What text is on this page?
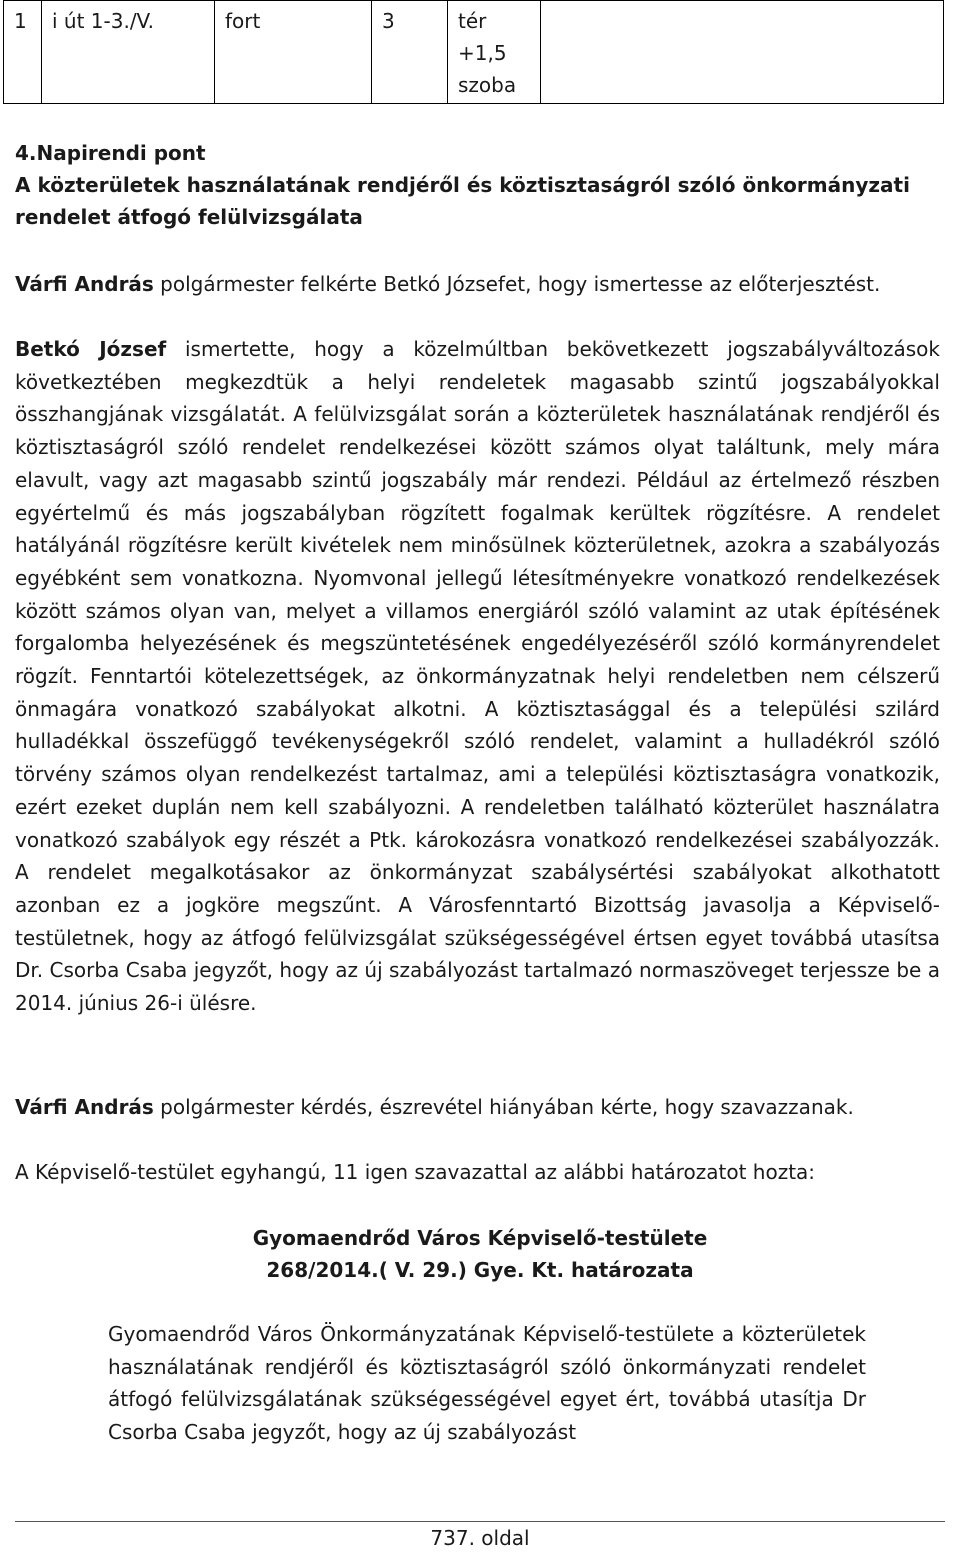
1	i út 1-3./V.	fort	3	tér +1,5 szoba	
4.Napirendi pont
A közterületek használatának rendjéről és köztisztaságról szóló önkormányzati rendelet átfogó felülvizsgálata
Várfi András polgármester felkérte Betkó Józsefet, hogy ismertesse az előterjesztést.
Betkó József ismertette, hogy a közelmúltban bekövetkezett jogszabályváltozások következtében megkezdtük a helyi rendeletek magasabb szintű jogszabályokkal összhangjának vizsgálatát. A felülvizsgálat során a közterületek használatának rendjéről és köztisztaságról szóló rendelet rendelkezései között számos olyat találtunk, mely mára elavult, vagy azt magasabb szintű jogszabály már rendezi. Például az értelmező részben egyértelmű és más jogszabályban rögzített fogalmak kerültek rögzítésre. A rendelet hatályánál rögzítésre került kivételek nem minősülnek közterületnek, azokra a szabályozás egyébként sem vonatkozna. Nyomvonal jellegű létesítményekre vonatkozó rendelkezések között számos olyan van, melyet a villamos energiáról szóló valamint az utak építésének forgalomba helyezésének és megszüntetésének engedélyezéséről szóló kormányrendelet rögzít. Fenntartói kötelezettségek, az önkormányzatnak helyi rendeletben nem célszerű önmagára vonatkozó szabályokat alkotni. A köztisztasággal és a települési szilárd hulladékkal összefüggő tevékenységekről szóló rendelet, valamint a hulladékról szóló törvény számos olyan rendelkezést tartalmaz, ami a települési köztisztaságra vonatkozik, ezért ezeket duplán nem kell szabályozni. A rendeletben található közterület használatra vonatkozó szabályok egy részét a Ptk. károkozásra vonatkozó rendelkezései szabályozzák. A rendelet megalkotásakor az önkormányzat szabálysértési szabályokat alkothatott azonban ez a jogköre megszűnt. A Városfenntartó Bizottság javasolja a Képviselő-testületnek, hogy az átfogó felülvizsgálat szükségességével értsen egyet továbbá utasítsa Dr. Csorba Csaba jegyzőt, hogy az új szabályozást tartalmazó normaszöveget terjessze be a 2014. június 26-i ülésre.
Várfi András polgármester kérdés, észrevétel hiányában kérte, hogy szavazzanak.
A Képviselő-testület egyhangú, 11 igen szavazattal az alábbi határozatot hozta:
Gyomaendrőd Város Képviselő-testülete
268/2014.( V. 29.) Gye. Kt. határozata
Gyomaendrőd Város Önkormányzatának Képviselő-testülete a közterületek használatának rendjéről és köztisztaságról szóló önkormányzati rendelet átfogó felülvizsgálatának szükségességével egyet ért, továbbá utasítja Dr Csorba Csaba jegyzőt, hogy az új szabályozást
737. oldal
